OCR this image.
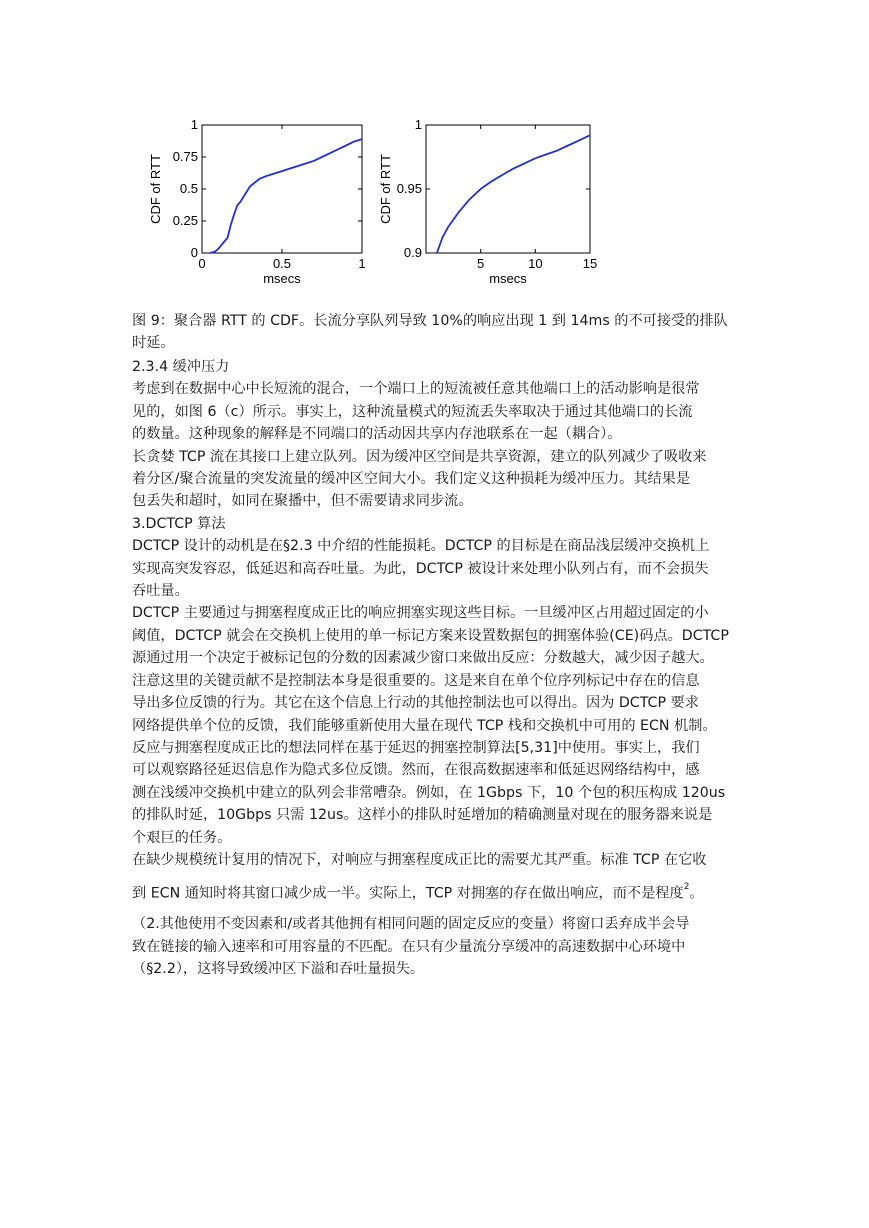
0
0.25
0.5
0.75
1
0	0.5	1
msecs
CDF of RTT
0.9
0.95
1
5	10	15
msecs
CDF of RTT

图 9：聚合器 RTT 的 CDF。长流分享队列导致 10%的响应出现 1 到 14ms 的不可接受的排队

时延。

2.3.4 缓冲压力

考虑到在数据中心中长短流的混合，一个端口上的短流被任意其他端口上的活动影响是很常

见的，如图 6（c）所示。事实上，这种流量模式的短流丢失率取决于通过其他端口的长流

的数量。这种现象的解释是不同端口的活动因共享内存池联系在一起（耦合）。

长贪婪 TCP 流在其接口上建立队列。因为缓冲区空间是共享资源，建立的队列减少了吸收来

着分区/聚合流量的突发流量的缓冲区空间大小。我们定义这种损耗为缓冲压力。其结果是

包丢失和超时，如同在聚播中，但不需要请求同步流。

3.DCTCP 算法

DCTCP 设计的动机是在§2.3 中介绍的性能损耗。DCTCP 的目标是在商品浅层缓冲交换机上

实现高突发容忍，低延迟和高吞吐量。为此，DCTCP 被设计来处理小队列占有，而不会损失

吞吐量。

DCTCP 主要通过与拥塞程度成正比的响应拥塞实现这些目标。一旦缓冲区占用超过固定的小

阈值，DCTCP 就会在交换机上使用的单一标记方案来设置数据包的拥塞体验(CE)码点。DCTCP

源通过用一个决定于被标记包的分数的因素减少窗口来做出反应：分数越大，减少因子越大。

注意这里的关键贡献不是控制法本身是很重要的。这是来自在单个位序列标记中存在的信息

导出多位反馈的行为。其它在这个信息上行动的其他控制法也可以得出。因为 DCTCP 要求

网络提供单个位的反馈，我们能够重新使用大量在现代 TCP 栈和交换机中可用的 ECN 机制。

反应与拥塞程度成正比的想法同样在基于延迟的拥塞控制算法[5,31]中使用。事实上，我们

可以观察路径延迟信息作为隐式多位反馈。然而，在很高数据速率和低延迟网络结构中，感

测在浅缓冲交换机中建立的队列会非常嘈杂。例如，在 1Gbps 下，10 个包的积压构成 120us

的排队时延，10Gbps 只需 12us。这样小的排队时延增加的精确测量对现在的服务器来说是

个艰巨的任务。

在缺少规模统计复用的情况下，对响应与拥塞程度成正比的需要尤其严重。标准 TCP 在它收

到 ECN 通知时将其窗口减少成一半。实际上，TCP 对拥塞的存在做出响应，而不是程度$^2$。

（2.其他使用不变因素和/或者其他拥有相同问题的固定反应的变量）将窗口丢弃成半会导

致在链接的输入速率和可用容量的不匹配。在只有少量流分享缓冲的高速数据中心环境中

（§2.2），这将导致缓冲区下溢和吞吐量损失。
